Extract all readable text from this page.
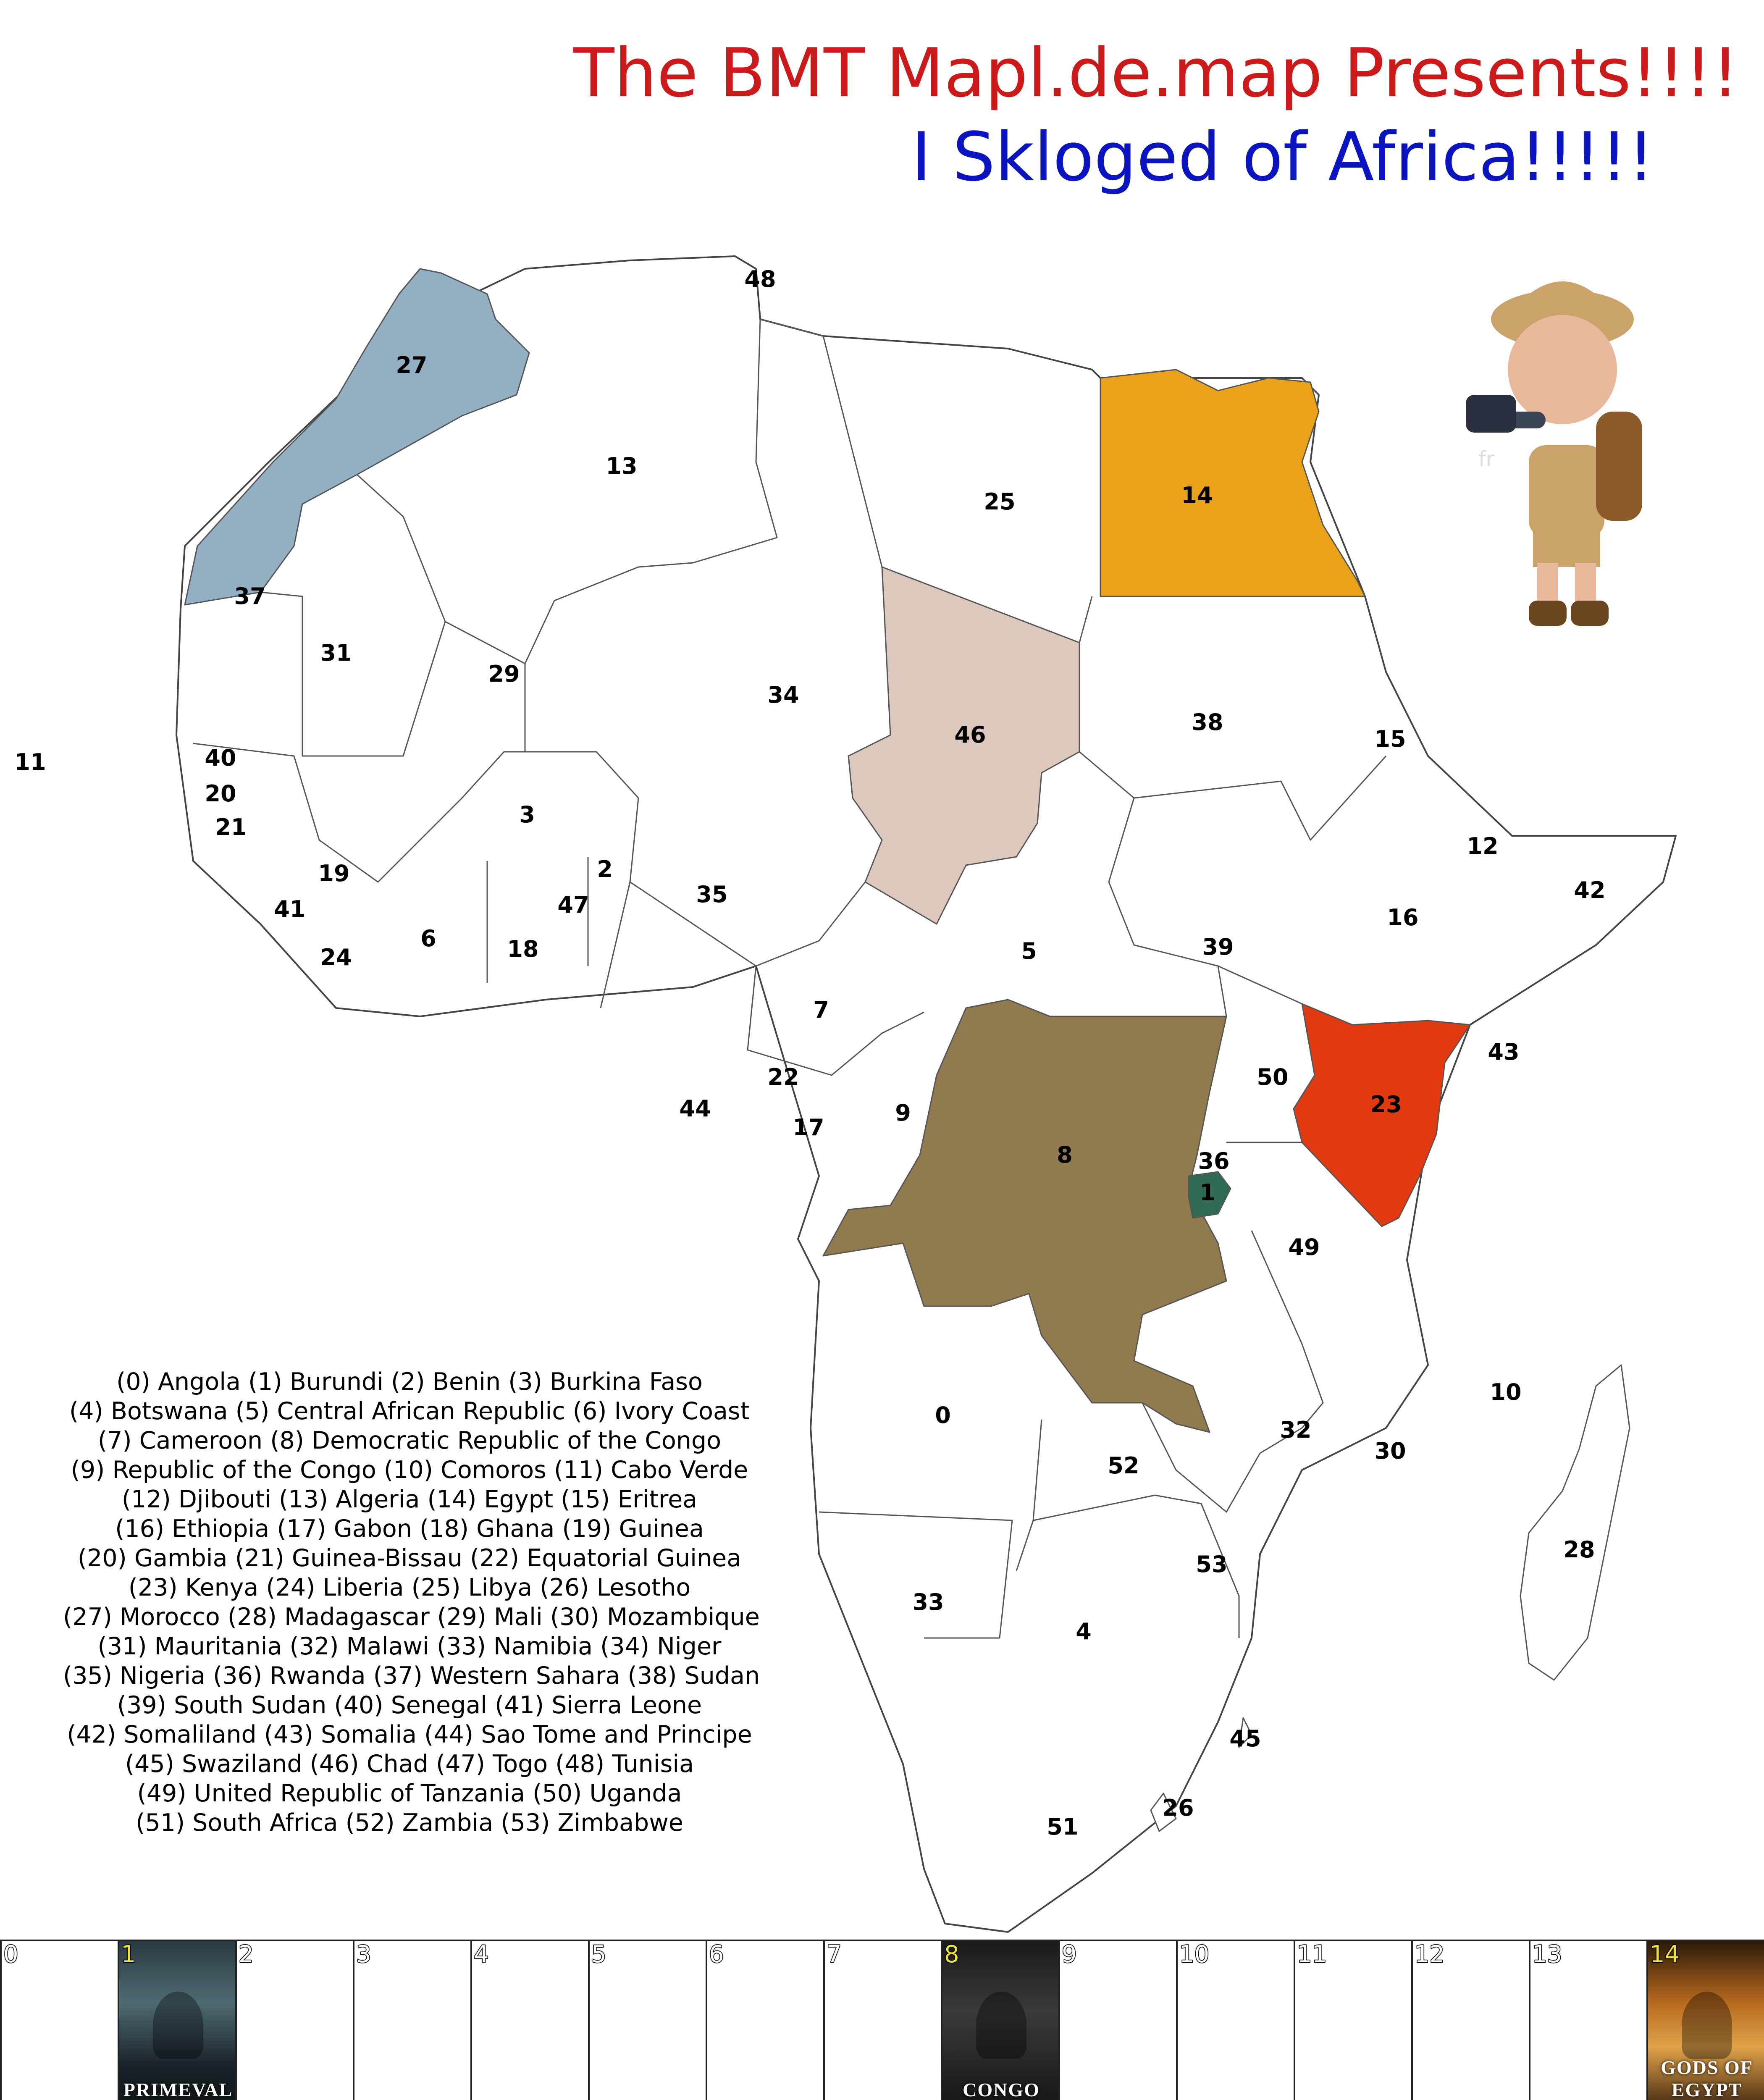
The BMT Mapl.de.map Presents!!!!
I Skloged of Africa!!!!!
fr
0
1
2
3
4
5
6
7
8
9
10
11
12
13
14
15
16
17
18
19
20
21
22
23
24
25
26
27
28
29
30
31
32
33
34
35
36
37
38
39
40
41
42
43
44
45
46
47
48
49
50
51
52
53
(0) Angola (1) Burundi (2) Benin (3) Burkina Faso
(4) Botswana (5) Central African Republic (6) Ivory Coast
(7) Cameroon (8) Democratic Republic of the Congo
(9) Republic of the Congo (10) Comoros (11) Cabo Verde
(12) Djibouti (13) Algeria (14) Egypt (15) Eritrea
(16) Ethiopia (17) Gabon (18) Ghana (19) Guinea
(20) Gambia (21) Guinea-Bissau (22) Equatorial Guinea
(23) Kenya (24) Liberia (25) Libya (26) Lesotho
(27) Morocco (28) Madagascar (29) Mali (30) Mozambique
(31) Mauritania (32) Malawi (33) Namibia (34) Niger
(35) Nigeria (36) Rwanda (37) Western Sahara (38) Sudan
(39) South Sudan (40) Senegal (41) Sierra Leone
(42) Somaliland (43) Somalia (44) Sao Tome and Principe
(45) Swaziland (46) Chad (47) Togo (48) Tunisia
(49) United Republic of Tanzania (50) Uganda
(51) South Africa (52) Zambia (53) Zimbabwe
0
PRIMEVAL
1	2	3	4	5	6	7
CONGO
8	9	10	11	12	13
GODS OF EGYPT
14
